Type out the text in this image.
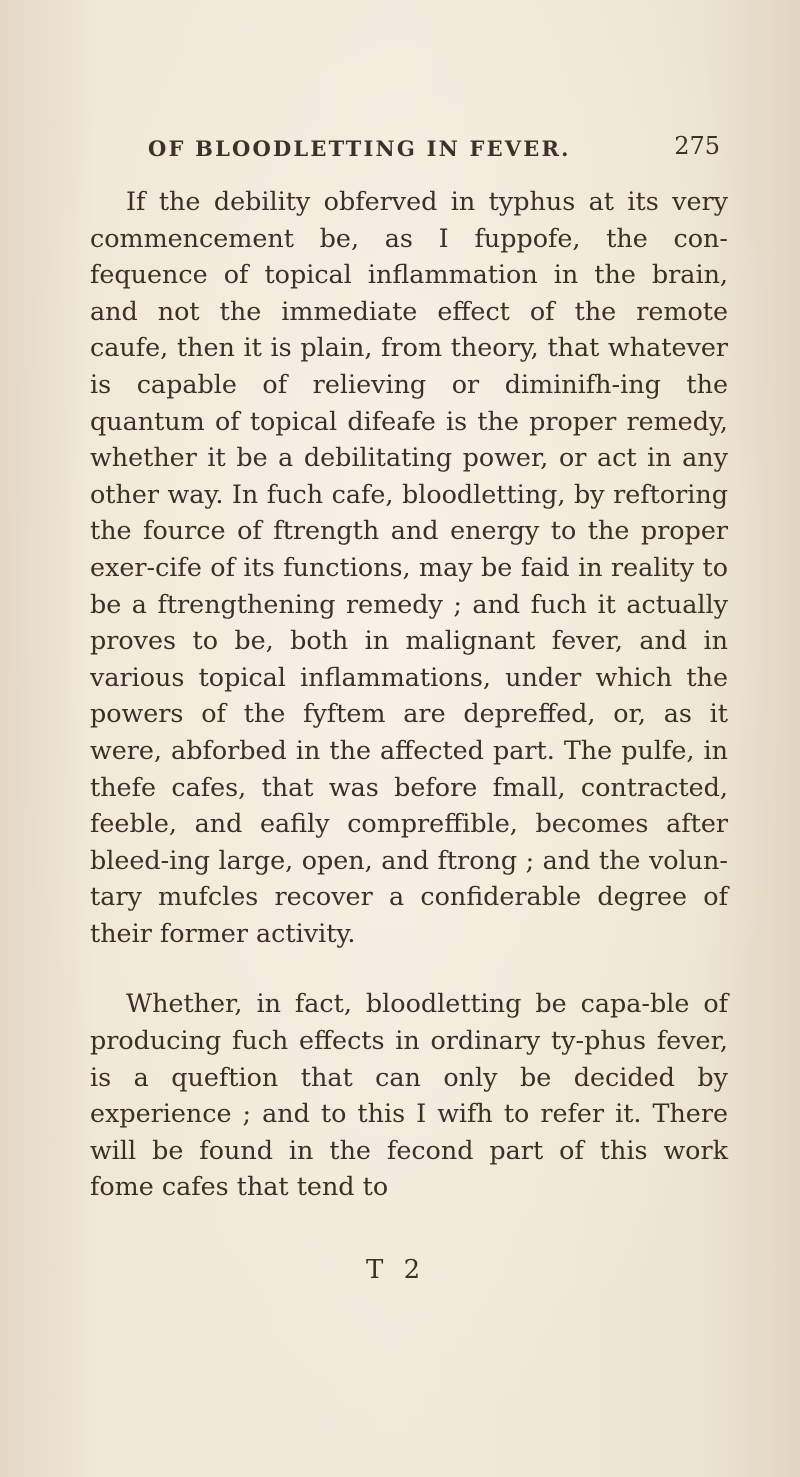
OF BLOODLETTING IN FEVER.	275

If the debility obferved in typhus at its very commencement be, as I fuppofe, the con-fequence of topical inflammation in the brain, and not the immediate effect of the remote caufe, then it is plain, from theory, that whatever is capable of relieving or diminifh-ing the quantum of topical difeafe is the proper remedy, whether it be a debilitating power, or act in any other way. In fuch cafe, bloodletting, by reftoring the fource of ftrength and energy to the proper exer-cife of its functions, may be faid in reality to be a ftrengthening remedy ; and fuch it actually proves to be, both in malignant fever, and in various topical inflammations, under which the powers of the fyftem are depreffed, or, as it were, abforbed in the affected part. The pulfe, in thefe cafes, that was before fmall, contracted, feeble, and eafily compreffible, becomes after bleed-ing large, open, and ftrong ; and the volun-tary mufcles recover a confiderable degree of their former activity.

Whether, in fact, bloodletting be capa-ble of producing fuch effects in ordinary ty-phus fever, is a queftion that can only be decided by experience ; and to this I wifh to refer it. There will be found in the fecond part of this work fome cafes that tend to

T 2
